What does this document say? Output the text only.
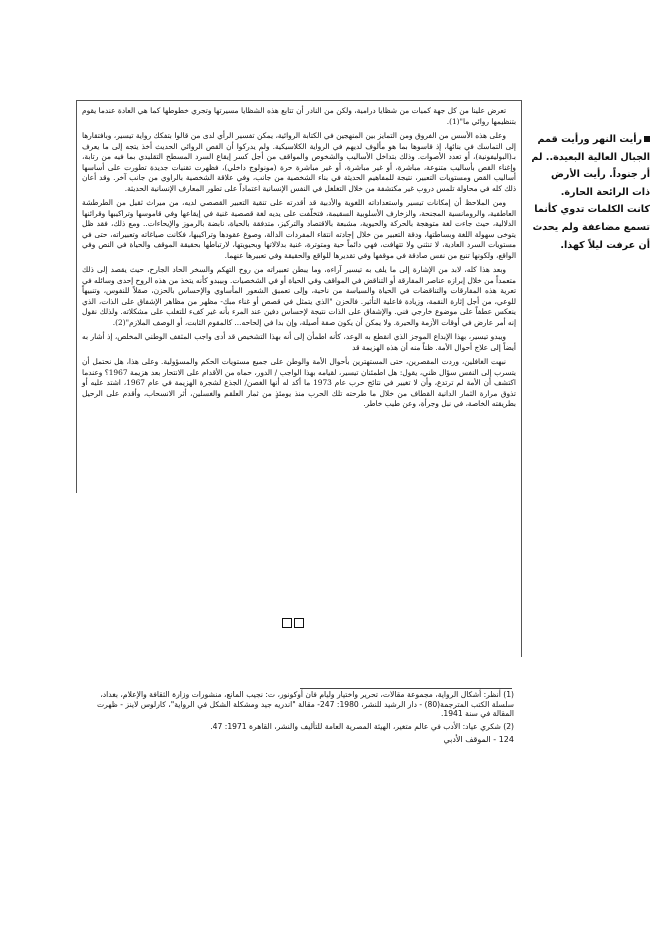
تعرض علينا من كل جهة كميات من شظايا درامية، ولكن من النادر أن تتابع هذه الشظايا مسيرتها وتجري خطوطها كما هي العادة عندما يقوم بتنظيمها روائي ما"(1).

وعلى هذه الأسس من الفروق ومن التمايز بين المنهجين في الكتابة الروائية، يمكن تفسير الرأي لدى من قالوا بتفكك رواية تيسير، وبافتقارها إلى التماسك في بنائها، إذ قاسوها بما هو مألوف لديهم في الرواية الكلاسيكية. ولم يدركوا أن القص الروائي الحديث أخذ يتجه إلى ما يعرف بـ(البوليفونية)، أو تعدد الأصوات. وذلك بتداخل الأساليب والشخوص والمواقف من أجل كسر إيقاع السرد المسطح التقليدي بما فيه من رتابة، وإغناء القص بأساليب متنوعة، مباشرة، أو غير مباشرة، أو غير مباشرة حرة (مونولوج داخلي)، فظهرت تقنيات جديدة تطورت على أساسها أساليب القص ومستويات التعبير، نتيجة للمفاهيم الحديثة في بناء الشخصية من جانب، وفي علاقة الشخصية بالراوي من جانب آخر. وقد أعان ذلك كله في محاولة تلمس دروب غير مكتشفة من خلال التغلغل في النفس الإنسانية اعتماداً على تطور المعارف الإنسانية الحديثة.

ومن الملاحظ أن إمكانات تيسير واستعداداته اللغوية والأدبية قد أقدرته على تنقية التعبير القصصي لديه، من ميراث ثقيل من الطرطشة العاطفية، والرومانسية المجنحة، والزخارف الأسلوبية السقيمة، فتخلّفت على يديه لغة قصصية غنية في إيقاعها وفي قاموسها وتراكيبها وقرائنها الدلالية، حيث جاءت لغة متوهجة بالحركة والحيوية، مشبعة بالاقتصاد والتركيز، متدفقة بالحياة، نابضة بالرموز والإيحاءات.. ومع ذلك، فقد ظل يتوخى سهولة اللغة وبساطتها، ودقة التعبير من خلال إجادته انتقاء المفردات الدالة، وصوغ عقودها وتراكيبها، فكانت صياغاته وتعبيراته، حتى في مستويات السرد العادية، لا تنثني ولا تتهافت، فهي دائماً حية ومتوترة، غنية بدلالاتها وبحيويتها، لارتباطها بحقيقة الموقف والحياة في النص وفي الواقع، ولكونها تنبع من نفس صادقة في موقفها وفي تقديرها للواقع والحقيقة وفي تعبيرها عنهما.

وبعد هذا كله، لابد من الإشارة إلى ما يلف به تيسير آراءه، وما يبطن تعبيراته من روح التهكم والسخر الحاد الجارح، حيث يقصد إلى ذلك متعمداً من خلال إبرازه عناصر المفارقة أو التناقض في المواقف وفي الحياة أو في الشخصيات. وبيبدو كأنه يتخذ من هذه الروح إحدى وسائله في تعرية هذه المفارقات والتناقضات في الحياة والسياسة من ناحية، وإلى تعميق الشعور المأساوي والإحساس بالحزن، صقلاً للنفوس، وتنبيهاً للوعي، من أجل إثارة النقمة، وزيادة فاعلية التأثير. فالحزن "الذي يتمثل في قصص أو غناء مبك- مظهر من مظاهر الإشفاق على الذات، الذي ينعكس عطفاً على موضوع خارجي فني. والإشفاق على الذات نتيجة لإحساس دفين عند المرء بأنه غير كفء للتغلب على مشكلاته. ولذلك نقول إنه أمر عارض في أوقات الأزمة والحيرة. ولا يمكن أن يكون صفة أصيلة، وإن بدا في إلحاحه... كالمقوم الثابت، أو الوصف الملازم"(2).

ويبدو تيسير، بهذا الإبداع الموجز الذي انقطع به الوعد، كأنه اطمأن إلى أنه بهذا التشخيص قد أدى واجب المثقف الوطني المخلص، إذ أشار به أيضاً إلى علاج أحوال الأمة. ظناً منه أن هذه الهزيمة قد

نبهت الغافلين، وردت المقصرين، حتى المستهترين بأحوال الأمة والوطن على جميع مستويات الحكم والمسؤولية. وعلى هذا، هل نحتمل أن يتسرب إلى النفس سؤال ظني، يقول: هل اطمئنان تيسير، لقيامه بهذا الواجب / الدور، حماه من الأقدام على الانتحار بعد هزيمة 1967؟ وعندما اكتشف أن الأمة لم ترتدع، وأن لا تغيير في نتائج حرب عام 1973 ما أكد له أنها الغصن/ الجذع لشجرة الهزيمة في عام 1967، اشتد عليه أو تذوق مرارة الثمار الدانية القطاف من خلال ما طرحته تلك الحرب منذ يومئذٍ من ثمار العلقم والغسلين، أثر الانسحاب، وأقدم على الرحيل بطريقته الخاصة، في نبل وجرأة، وعن طيب خاطر.

رأيت النهر ورأيت قمم الجبال العالية البعيدة.. لم أر جنوداً. رأيت الأرض ذات الرائحة الحارة.

كانت الكلمات تدوي كأنما تسمع مضاعفة ولم يحدث أن عرفت ليلاً كهذا.

(1) أنظر: أشكال الرواية، مجموعة مقالات، تحرير واختيار وليام فان أوكونور، ت: نجيب المانع، منشورات وزارة الثقافة والإعلام، بغداد، سلسلة الكتب المترجمة(80) - دار الرشيد للنشر، 1980: 247- مقالة "اندريه جيد ومشكلة الشكل في الرواية"، كارلوس لاينز - ظهرت المقالة في سنة 1941.

(2) شكري عياد: الأدب في عالم متغير، الهيئة المصرية العامة للتأليف والنشر، القاهرة 1971: 47.

124 - الموقف الأدبي
